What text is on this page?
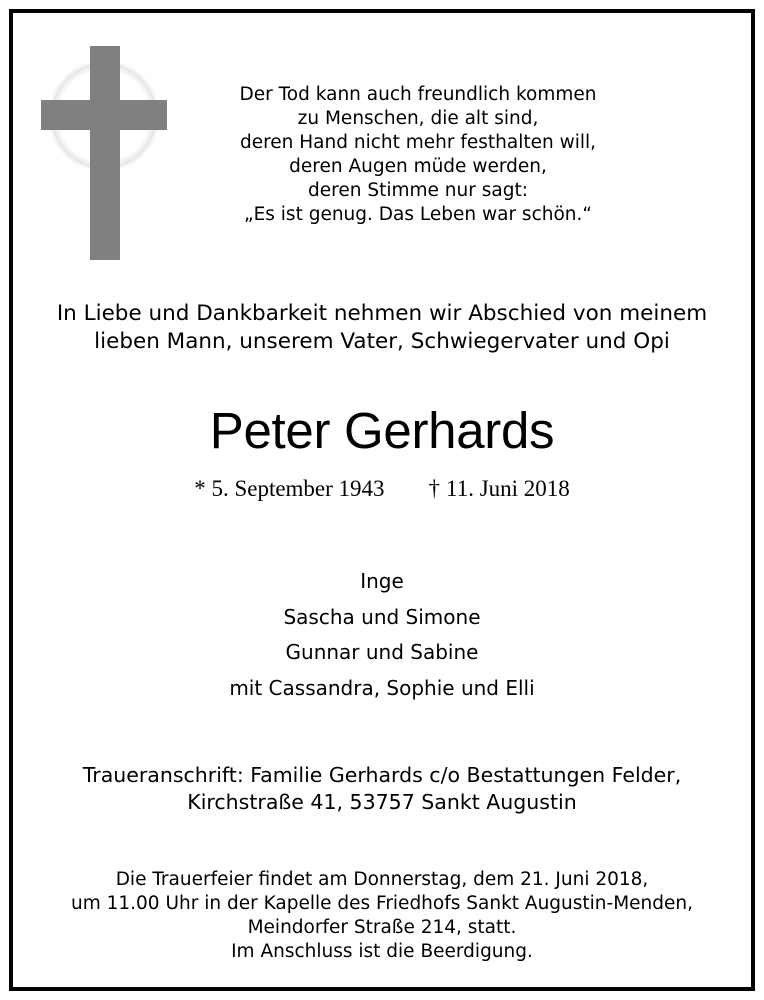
Der Tod kann auch freundlich kommen
zu Menschen, die alt sind,
deren Hand nicht mehr festhalten will,
deren Augen müde werden,
deren Stimme nur sagt:
„Es ist genug. Das Leben war schön.“
In Liebe und Dankbarkeit nehmen wir Abschied von meinem
lieben Mann, unserem Vater, Schwiegervater und Opi
Peter Gerhards
* 5. September 1943 † 11. Juni 2018
Inge
Sascha und Simone
Gunnar und Sabine
mit Cassandra, Sophie und Elli
Traueranschrift: Familie Gerhards c/o Bestattungen Felder,
Kirchstraße 41, 53757 Sankt Augustin
Die Trauerfeier findet am Donnerstag, dem 21. Juni 2018,
um 11.00 Uhr in der Kapelle des Friedhofs Sankt Augustin-Menden,
Meindorfer Straße 214, statt.
Im Anschluss ist die Beerdigung.
